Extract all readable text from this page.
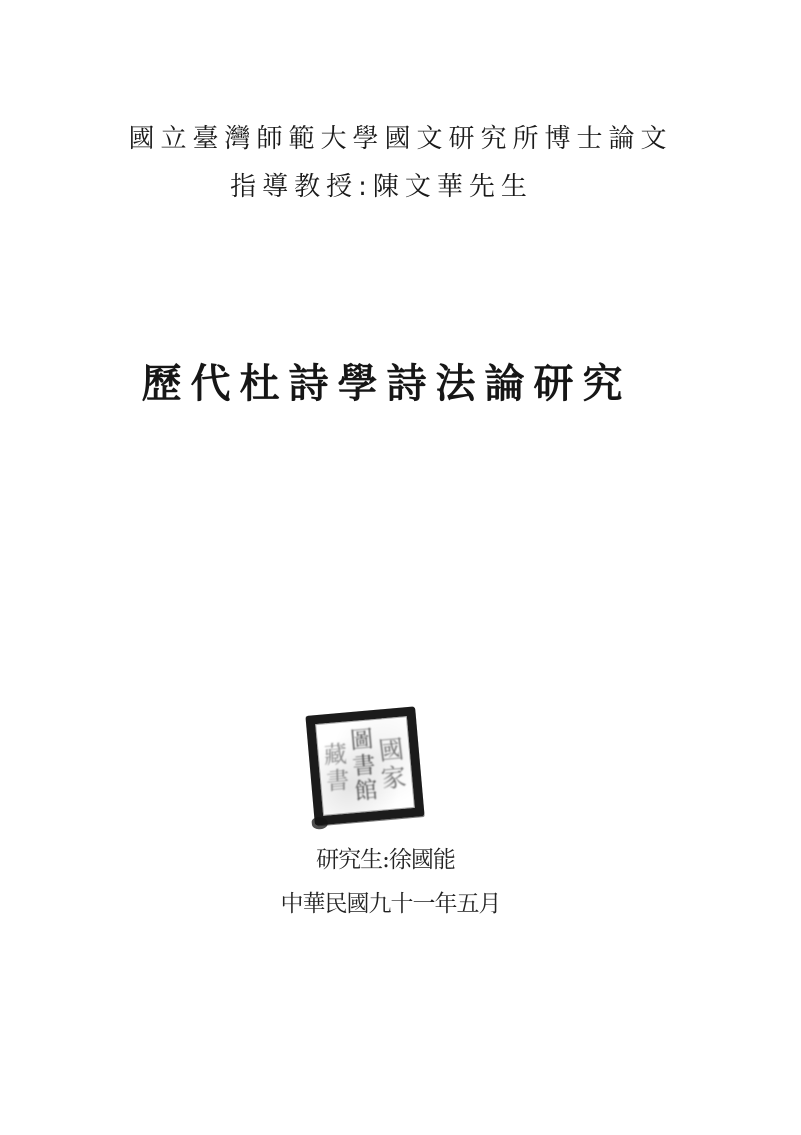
國立臺灣師範大學國文研究所博士論文
指導教授:陳文華先生
歷代杜詩學詩法論研究
藏
書
圖
書
館
國
家
研究生:徐國能
中華民國九十一年五月
